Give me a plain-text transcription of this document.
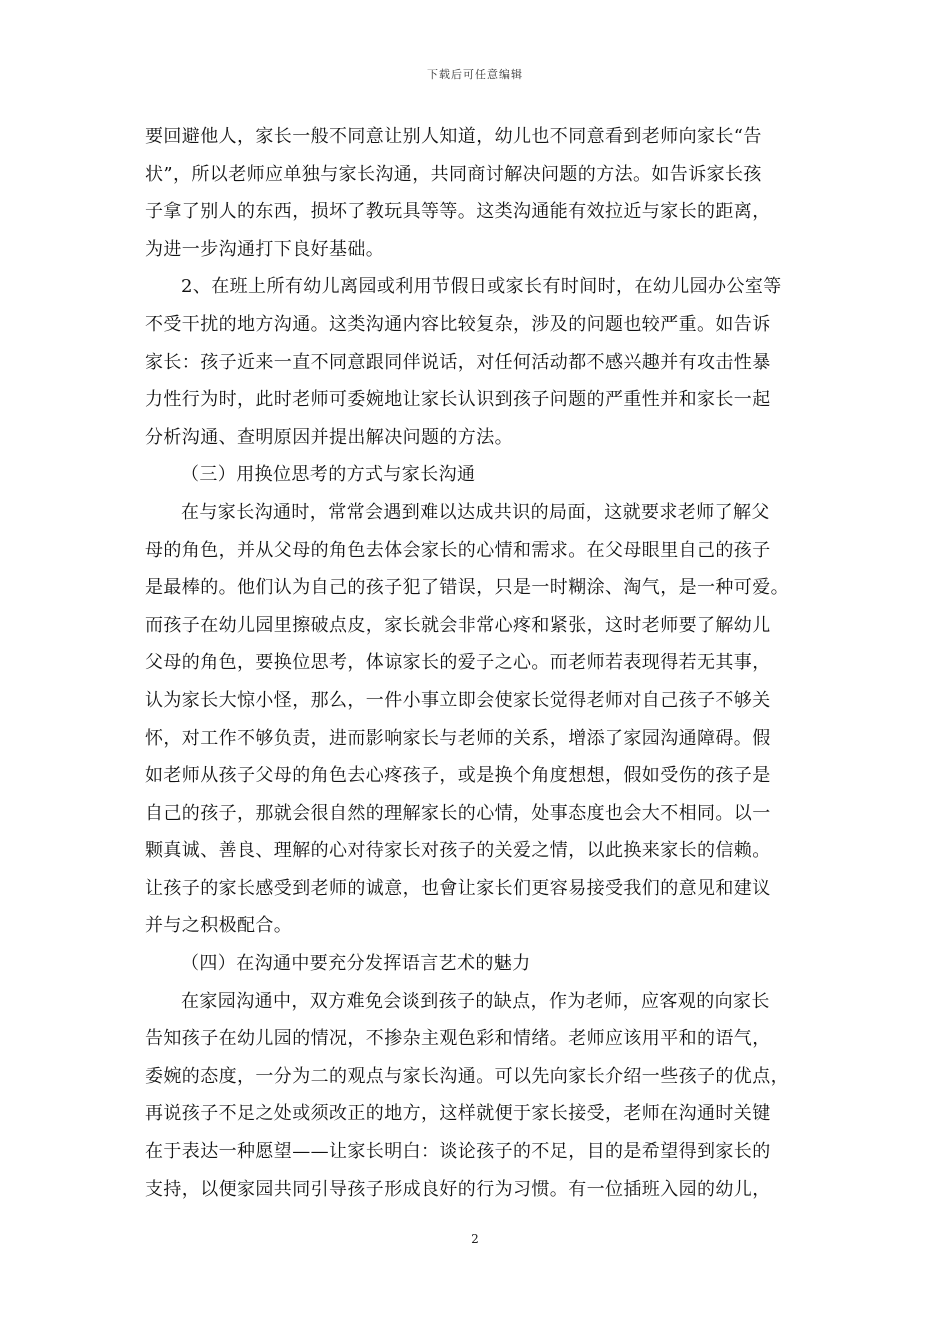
下载后可任意编辑
要回避他人，家长一般不同意让别人知道，幼儿也不同意看到老师向家长“告
状”，所以老师应单独与家长沟通，共同商讨解决问题的方法。如告诉家长孩
子拿了别人的东西，损坏了教玩具等等。这类沟通能有效拉近与家长的距离，
为进一步沟通打下良好基础。
2、在班上所有幼儿离园或利用节假日或家长有时间时，在幼儿园办公室等
不受干扰的地方沟通。这类沟通内容比较复杂，涉及的问题也较严重。如告诉
家长：孩子近来一直不同意跟同伴说话，对任何活动都不感兴趣并有攻击性暴
力性行为时，此时老师可委婉地让家长认识到孩子问题的严重性并和家长一起
分析沟通、查明原因并提出解决问题的方法。
（三）用换位思考的方式与家长沟通
在与家长沟通时，常常会遇到难以达成共识的局面，这就要求老师了解父
母的角色，并从父母的角色去体会家长的心情和需求。在父母眼里自己的孩子
是最棒的。他们认为自己的孩子犯了错误，只是一时糊涂、淘气，是一种可爱。
而孩子在幼儿园里擦破点皮，家长就会非常心疼和紧张，这时老师要了解幼儿
父母的角色，要换位思考，体谅家长的爱子之心。而老师若表现得若无其事，
认为家长大惊小怪，那么，一件小事立即会使家长觉得老师对自己孩子不够关
怀，对工作不够负责，进而影响家长与老师的关系，增添了家园沟通障碍。假
如老师从孩子父母的角色去心疼孩子，或是换个角度想想，假如受伤的孩子是
自己的孩子，那就会很自然的理解家长的心情，处事态度也会大不相同。以一
颗真诚、善良、理解的心对待家长对孩子的关爱之情，以此换来家长的信赖。
让孩子的家长感受到老师的诚意，也會让家长们更容易接受我们的意见和建议
并与之积极配合。
（四）在沟通中要充分发挥语言艺术的魅力
在家园沟通中，双方难免会谈到孩子的缺点，作为老师，应客观的向家长
告知孩子在幼儿园的情况，不掺杂主观色彩和情绪。老师应该用平和的语气，
委婉的态度，一分为二的观点与家长沟通。可以先向家长介绍一些孩子的优点，
再说孩子不足之处或须改正的地方，这样就便于家长接受，老师在沟通时关键
在于表达一种愿望——让家长明白：谈论孩子的不足，目的是希望得到家长的
支持，以便家园共同引导孩子形成良好的行为习惯。有一位插班入园的幼儿，
2
